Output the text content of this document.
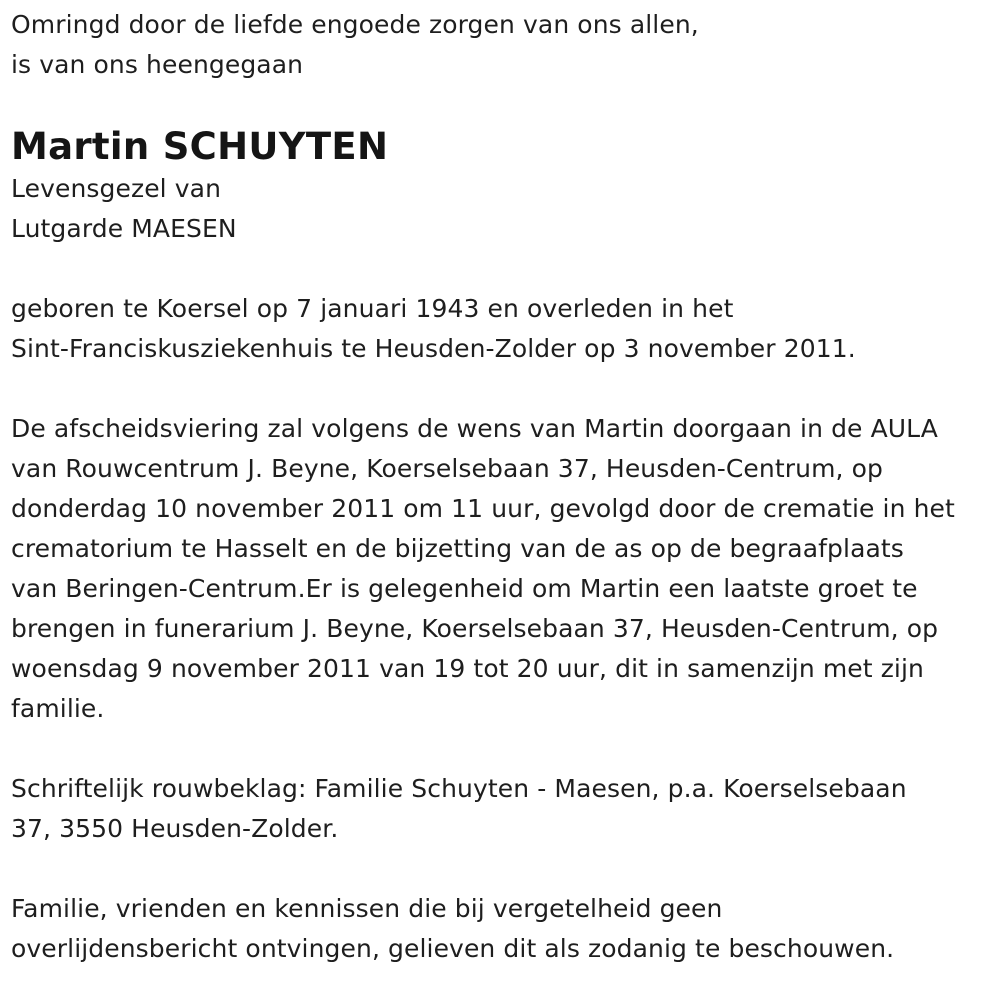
Omringd door de liefde engoede zorgen van ons allen,
is van ons heengegaan
Martin SCHUYTEN
Levensgezel van
Lutgarde MAESEN
geboren te Koersel op 7 januari 1943 en overleden in het
Sint-Franciskusziekenhuis te Heusden-Zolder op 3 november 2011.
De afscheidsviering zal volgens de wens van Martin doorgaan in de AULA
van Rouwcentrum J. Beyne, Koerselsebaan 37, Heusden-Centrum, op
donderdag 10 november 2011 om 11 uur, gevolgd door de crematie in het
crematorium te Hasselt en de bijzetting van de as op de begraafplaats
van Beringen-Centrum.Er is gelegenheid om Martin een laatste groet te
brengen in funerarium J. Beyne, Koerselsebaan 37, Heusden-Centrum, op
woensdag 9 november 2011 van 19 tot 20 uur, dit in samenzijn met zijn
familie.
Schriftelijk rouwbeklag: Familie Schuyten - Maesen, p.a. Koerselsebaan
37, 3550 Heusden-Zolder.
Familie, vrienden en kennissen die bij vergetelheid geen
overlijdensbericht ontvingen, gelieven dit als zodanig te beschouwen.
